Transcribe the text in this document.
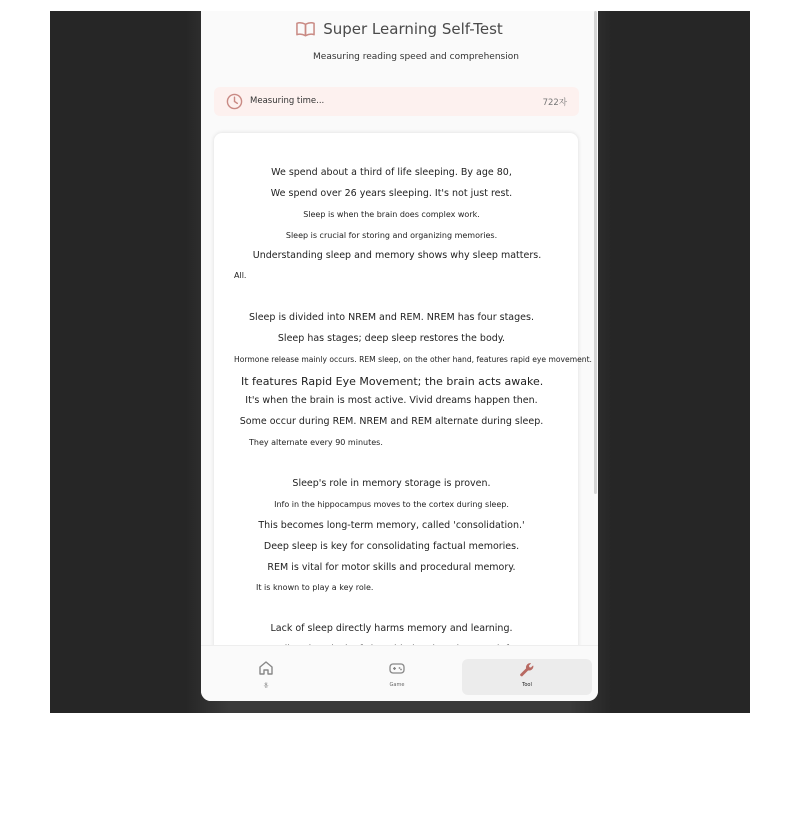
Super Learning Self-Test
Measuring reading speed and comprehension
Measuring time...	722자
We spend about a third of life sleeping. By age 80,
We spend over 26 years sleeping. It's not just rest.
Sleep is when the brain does complex work.
Sleep is crucial for storing and organizing memories.
Understanding sleep and memory shows why sleep matters.
All.
Sleep is divided into NREM and REM. NREM has four stages.
Sleep has stages; deep sleep restores the body.
Hormone release mainly occurs. REM sleep, on the other hand, features rapid eye movement.
It features Rapid Eye Movement; the brain acts awake.
It's when the brain is most active. Vivid dreams happen then.
Some occur during REM. NREM and REM alternate during sleep.
They alternate every 90 minutes.
Sleep's role in memory storage is proven.
Info in the hippocampus moves to the cortex during sleep.
This becomes long-term memory, called 'consolidation.'
Deep sleep is key for consolidating factual memories.
REM is vital for motor skills and procedural memory.
It is known to play a key role.
Lack of sleep directly harms memory and learning.
홈	Game	Tool
